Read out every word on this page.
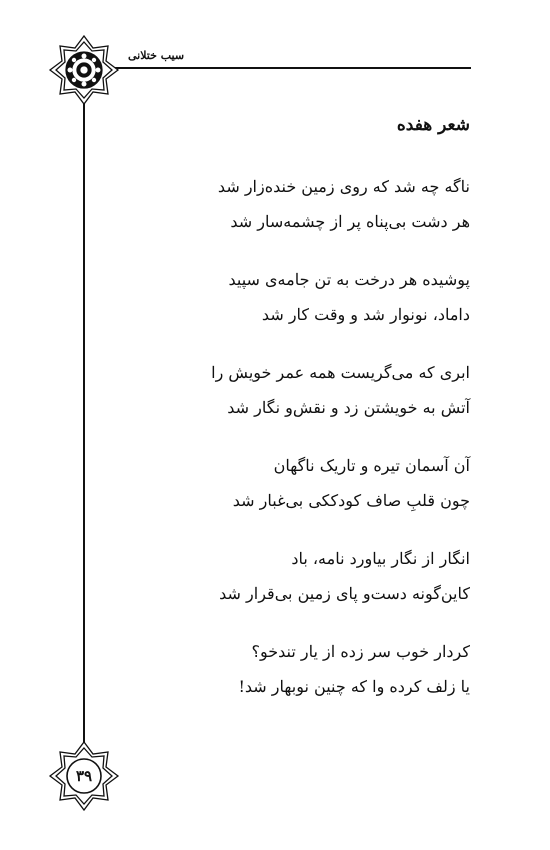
سیب ختلانی
۳۹
شعر هفده
ناگه چه شد که روی زمین خنده‌زار شد
هر دشت بی‌پناه پر از چشمه‌سار شد
پوشیده هر درخت به تن جامه‌ی سپید
داماد، نونوار شد و وقت کار شد
ابری که می‌گریست همه عمر خویش را
آتش به خویشتن زد و نقش‌و نگار شد
آن آسمان تیره و تاریک ناگهان
چون قلبِ صاف کودککی بی‌غبار شد
انگار از نگار بیاورد نامه، باد
کاین‌گونه دست‌و پای زمین بی‌قرار شد
کردار خوب سر زده از یار تندخو؟
یا زلف کرده وا که چنین نوبهار شد!
